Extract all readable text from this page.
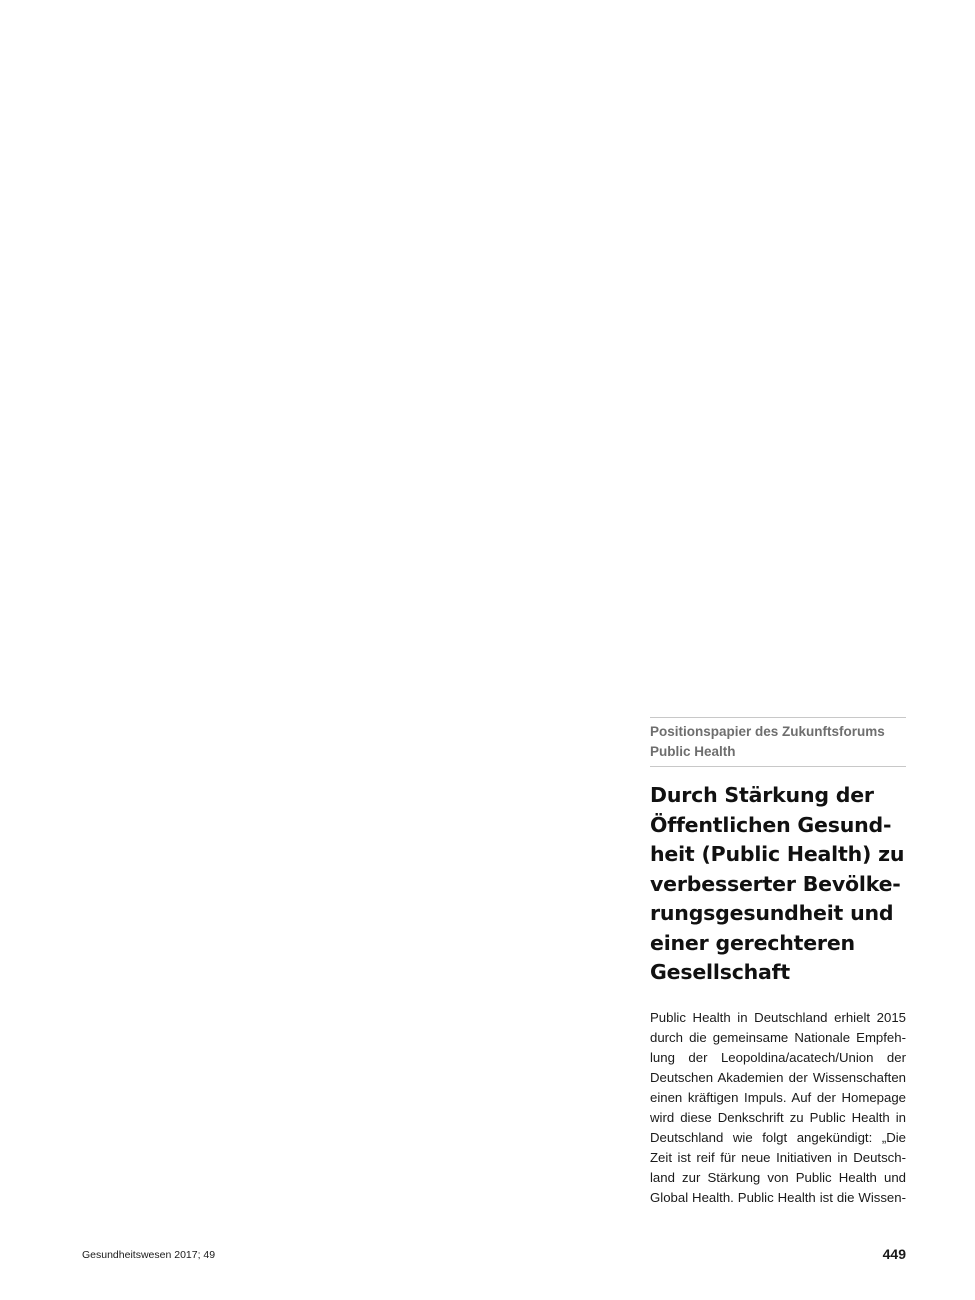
Positionspapier des Zukunftsforums
Public Health
Durch Stärkung der
Öffentlichen Gesund-
heit (Public Health) zu
verbesserter Bevölke-
rungsgesundheit und
einer gerechteren
Gesellschaft
Public Health in Deutschland erhielt 2015
durch die gemeinsame Nationale Empfeh-
lung der Leopoldina/acatech/Union der
Deutschen Akademien der Wissenschaften
einen kräftigen Impuls. Auf der Homepage
wird diese Denkschrift zu Public Health in
Deutschland wie folgt angekündigt: „Die
Zeit ist reif für neue Initiativen in Deutsch-
land zur Stärkung von Public Health und
Global Health. Public Health ist die Wissen-
Gesundheitswesen 2017; 49	449
